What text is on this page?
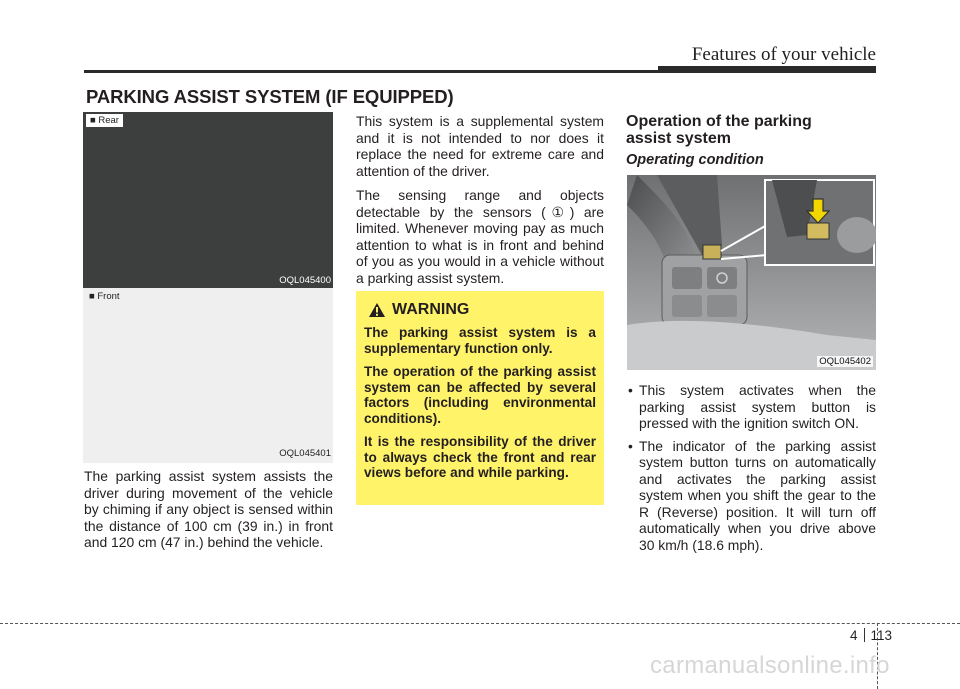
Features of your vehicle
PARKING ASSIST SYSTEM (IF EQUIPPED)
■ Rear
OQL045400
■ Front
OQL045401
The parking assist system assists the driver during movement of the vehicle by chiming if any object is sensed within the distance of 100 cm (39 in.) in front and 120 cm (47 in.) behind the vehicle.

This system is a supplemental system and it is not intended to nor does it replace the need for extreme care and attention of the driver.

The sensing range and objects detectable by the sensors (①) are limited. Whenever moving pay as much attention to what is in front and behind of you as you would in a vehicle without a parking assist system.

WARNING

The parking assist system is a supplementary function only.

The operation of the parking assist system can be affected by several factors (including environmental conditions).

It is the responsibility of the driver to always check the front and rear views before and while parking.

Operation of the parking assist system
Operating condition
OQL045402
• This system activates when the parking assist system button is pressed with the ignition switch ON.
• The indicator of the parking assist system button turns on automatically and activates the parking assist system when you shift the gear to the R (Reverse) position. It will turn off automatically when you drive above 30 km/h (18.6 mph).
4 113
carmanualsonline.info
